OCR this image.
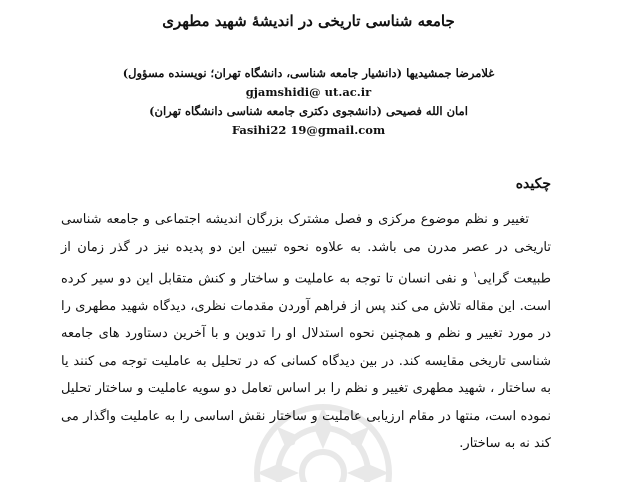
جامعه شناسی تاریخی در اندیشهٔ شهید مطهری
غلامرضا جمشیدیها (دانشیار جامعه شناسی، دانشگاه تهران؛ نویسنده مسؤول)
gjamshidi@ ut.ac.ir
امان الله فصیحی (دانشجوی دکتری جامعه شناسی دانشگاه تهران)
Fasihi22 19@gmail.com
چکیده
تغییر و نظم موضوع مرکزی و فصل مشترک بزرگان اندیشه اجتماعی و جامعه شناسی تاریخی در عصر مدرن می باشد. به علاوه نحوه تبیین این دو پدیده نیز در گذر زمان از طبیعت گرایی$^۱$ و نفی انسان تا توجه به عاملیت و ساختار و کنش متقابل این دو سیر کرده است. این مقاله تلاش می کند پس از فراهم آوردن مقدمات نظری، دیدگاه شهید مطهری را در مورد تغییر و نظم و همچنین نحوه استدلال او را تدوین و با آخرین دستاورد های جامعه شناسی تاریخی مقایسه کند. در بین دیدگاه کسانی که در تحلیل به عاملیت توجه می کنند یا به ساختار ، شهید مطهری تغییر و نظم را بر اساس تعامل دو سویه عاملیت و ساختار تحلیل نموده است، منتها در مقام ارزیابی عاملیت و ساختار نقش اساسی را به عاملیت واگذار می کند نه به ساختار.
